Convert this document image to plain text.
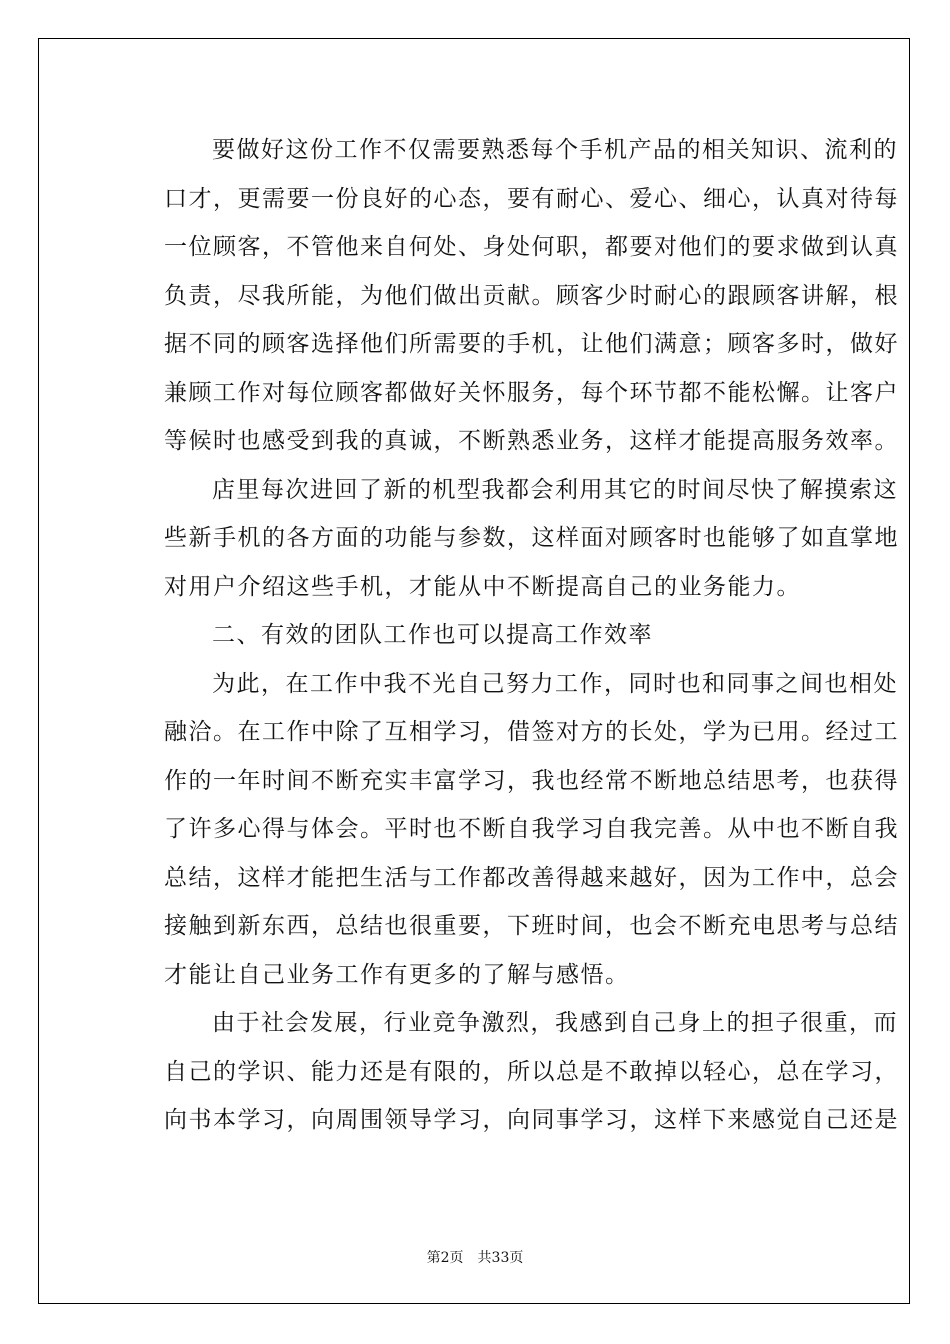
要做好这份工作不仅需要熟悉每个手机产品的相关知识、流利的
口才，更需要一份良好的心态，要有耐心、爱心、细心，认真对待每
一位顾客，不管他来自何处、身处何职，都要对他们的要求做到认真
负责，尽我所能，为他们做出贡献。顾客少时耐心的跟顾客讲解，根
据不同的顾客选择他们所需要的手机，让他们满意；顾客多时，做好
兼顾工作对每位顾客都做好关怀服务，每个环节都不能松懈。让客户
等候时也感受到我的真诚，不断熟悉业务，这样才能提高服务效率。

店里每次进回了新的机型我都会利用其它的时间尽快了解摸索这
些新手机的各方面的功能与参数，这样面对顾客时也能够了如直掌地
对用户介绍这些手机，才能从中不断提高自己的业务能力。

二、有效的团队工作也可以提高工作效率

为此，在工作中我不光自己努力工作，同时也和同事之间也相处
融洽。在工作中除了互相学习，借签对方的长处，学为已用。经过工
作的一年时间不断充实丰富学习，我也经常不断地总结思考，也获得
了许多心得与体会。平时也不断自我学习自我完善。从中也不断自我
总结，这样才能把生活与工作都改善得越来越好，因为工作中，总会
接触到新东西，总结也很重要，下班时间，也会不断充电思考与总结
才能让自己业务工作有更多的了解与感悟。

由于社会发展，行业竞争激烈，我感到自己身上的担子很重，而
自己的学识、能力还是有限的，所以总是不敢掉以轻心，总在学习，
向书本学习，向周围领导学习，向同事学习，这样下来感觉自己还是

第2页 共33页
